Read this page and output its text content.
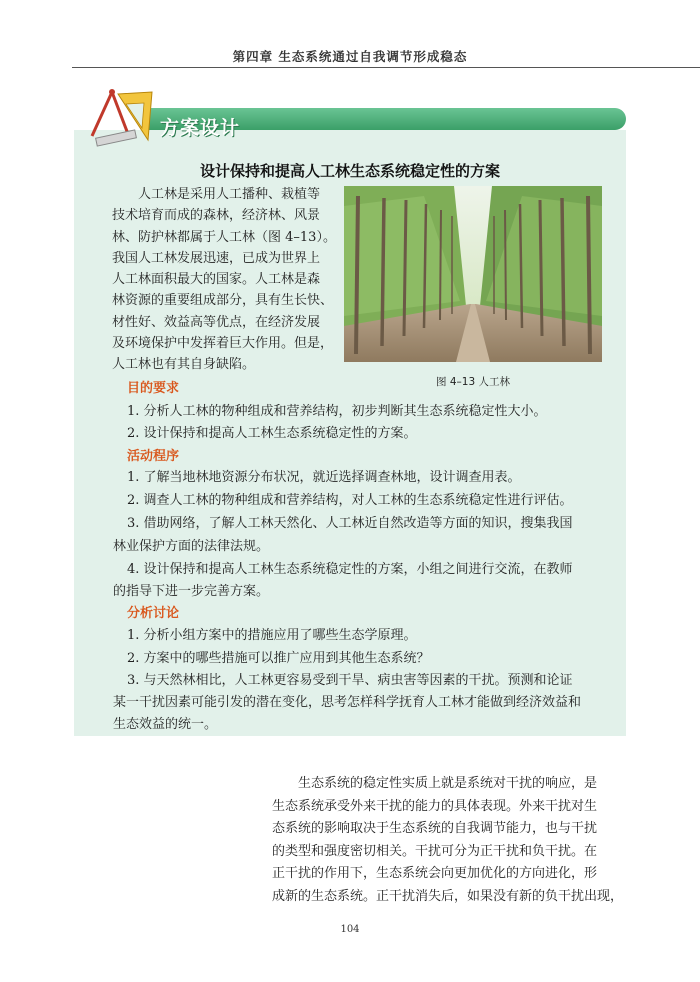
第四章 生态系统通过自我调节形成稳态
方案设计
设计保持和提高人工林生态系统稳定性的方案
　　人工林是采用人工播种、栽植等
技术培育而成的森林，经济林、风景
林、防护林都属于人工林（图 4–13）。
我国人工林发展迅速，已成为世界上
人工林面积最大的国家。人工林是森
林资源的重要组成部分，具有生长快、
材性好、效益高等优点，在经济发展
及环境保护中发挥着巨大作用。但是，
人工林也有其自身缺陷。
图 4–13 人工林
目的要求
1. 分析人工林的物种组成和营养结构，初步判断其生态系统稳定性大小。
2. 设计保持和提高人工林生态系统稳定性的方案。
活动程序
1. 了解当地林地资源分布状况，就近选择调查林地，设计调查用表。
2. 调查人工林的物种组成和营养结构，对人工林的生态系统稳定性进行评估。
3. 借助网络，了解人工林天然化、人工林近自然改造等方面的知识，搜集我国
林业保护方面的法律法规。
4. 设计保持和提高人工林生态系统稳定性的方案，小组之间进行交流，在教师
的指导下进一步完善方案。
分析讨论
1. 分析小组方案中的措施应用了哪些生态学原理。
2. 方案中的哪些措施可以推广应用到其他生态系统？
3. 与天然林相比，人工林更容易受到干旱、病虫害等因素的干扰。预测和论证
某一干扰因素可能引发的潜在变化，思考怎样科学抚育人工林才能做到经济效益和
生态效益的统一。
　　生态系统的稳定性实质上就是系统对干扰的响应，是
生态系统承受外来干扰的能力的具体表现。外来干扰对生
态系统的影响取决于生态系统的自我调节能力，也与干扰
的类型和强度密切相关。干扰可分为正干扰和负干扰。在
正干扰的作用下，生态系统会向更加优化的方向进化，形
成新的生态系统。正干扰消失后，如果没有新的负干扰出现，
104
